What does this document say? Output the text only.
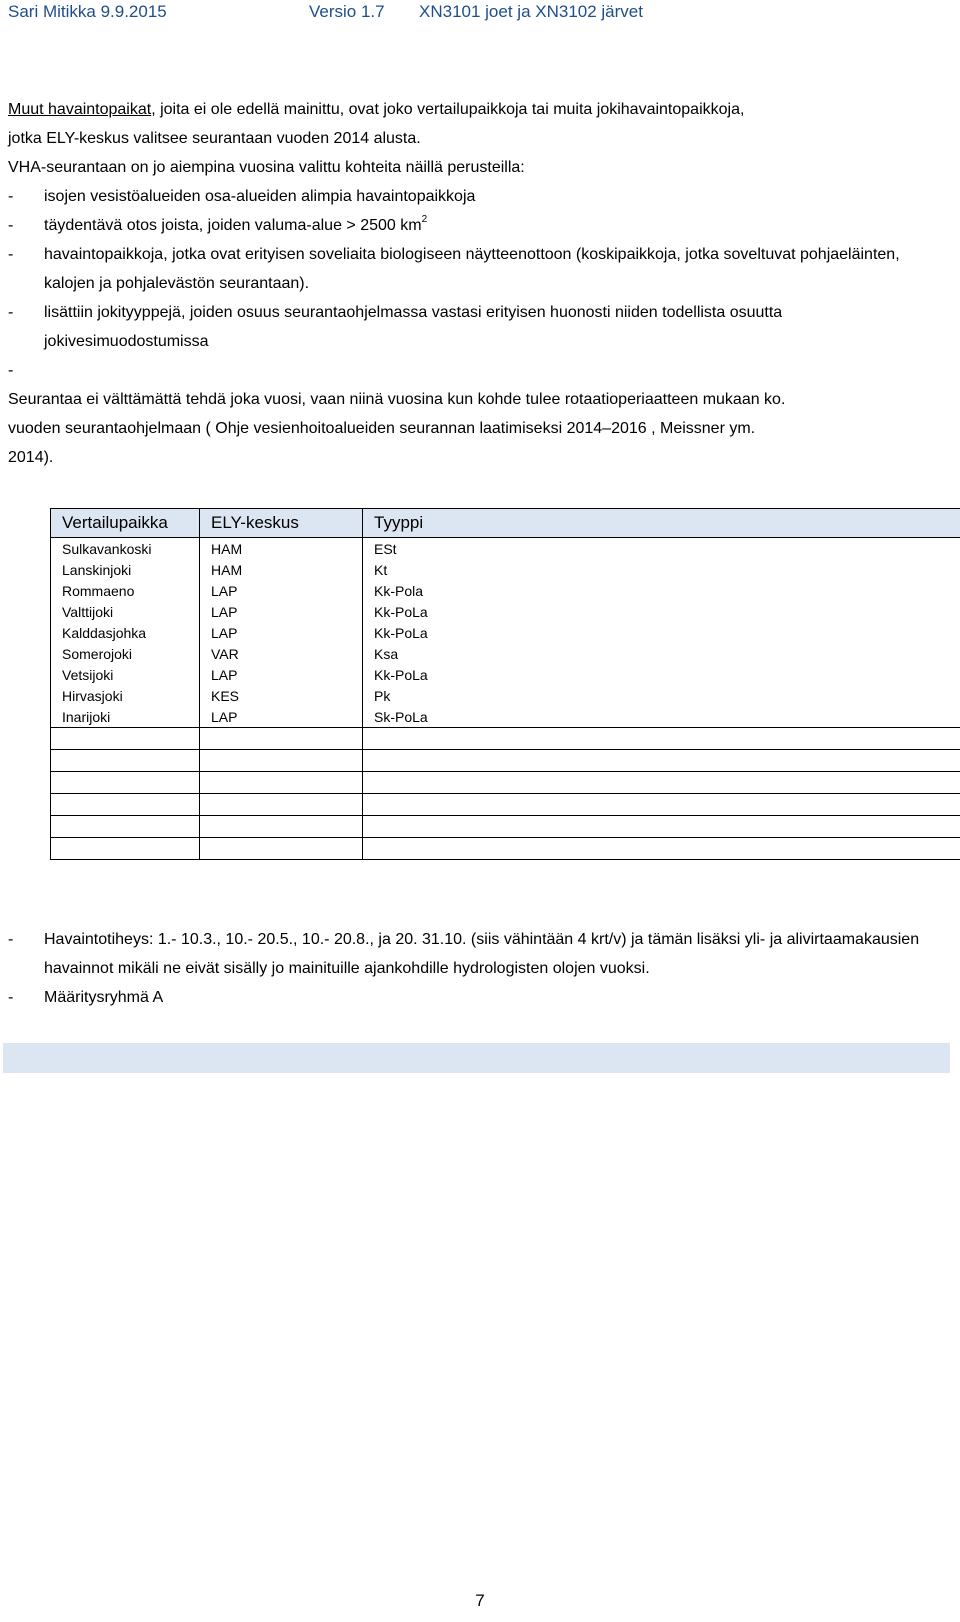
Sari Mitikka 9.9.2015	Versio 1.7 XN3101 joet ja XN3102 järvet

Muut havaintopaikat, joita ei ole edellä mainittu, ovat joko vertailupaikkoja tai muita jokihavaintopaikkoja,

jotka ELY-keskus valitsee seurantaan vuoden 2014 alusta.

VHA-seurantaan on jo aiempina vuosina valittu kohteita näillä perusteilla:

- isojen vesistöalueiden osa-alueiden alimpia havaintopaikkoja
- täydentävä otos joista, joiden valuma-alue > 2500 $km^2$
- havaintopaikkoja, jotka ovat erityisen soveliaita biologiseen näytteenottoon (koskipaikkoja, jotka soveltuvat pohjaeläinten, kalojen ja pohjalevästön seurantaan).
- lisättiin jokityyppejä, joiden osuus seurantaohjelmassa vastasi erityisen huonosti niiden todellista osuutta jokivesimuodostumissa
-

Seurantaa ei välttämättä tehdä joka vuosi, vaan niinä vuosina kun kohde tulee rotaatioperiaatteen mukaan ko.

vuoden seurantaohjelmaan ( Ohje vesienhoitoalueiden seurannan laatimiseksi 2014–2016 , Meissner ym.

2014).

Vertailupaikka	ELY-keskus	Tyyppi
Sulkavankoski	HAM	ESt
Lanskinjoki	HAM	Kt
Rommaeno	LAP	Kk-Pola
Valttijoki	LAP	Kk-PoLa
Kalddasjohka	LAP	Kk-PoLa
Somerojoki	VAR	Ksa
Vetsijoki	LAP	Kk-PoLa
Hirvasjoki	KES	Pk
Inarijoki	LAP	Sk-PoLa

- Havaintotiheys: 1.- 10.3., 10.- 20.5., 10.- 20.8., ja 20. 31.10. (siis vähintään 4 krt/v) ja tämän lisäksi yli- ja alivirtaamakausien havainnot mikäli ne eivät sisälly jo mainituille ajankohdille hydrologisten olojen vuoksi.
- Määritysryhmä A
7
